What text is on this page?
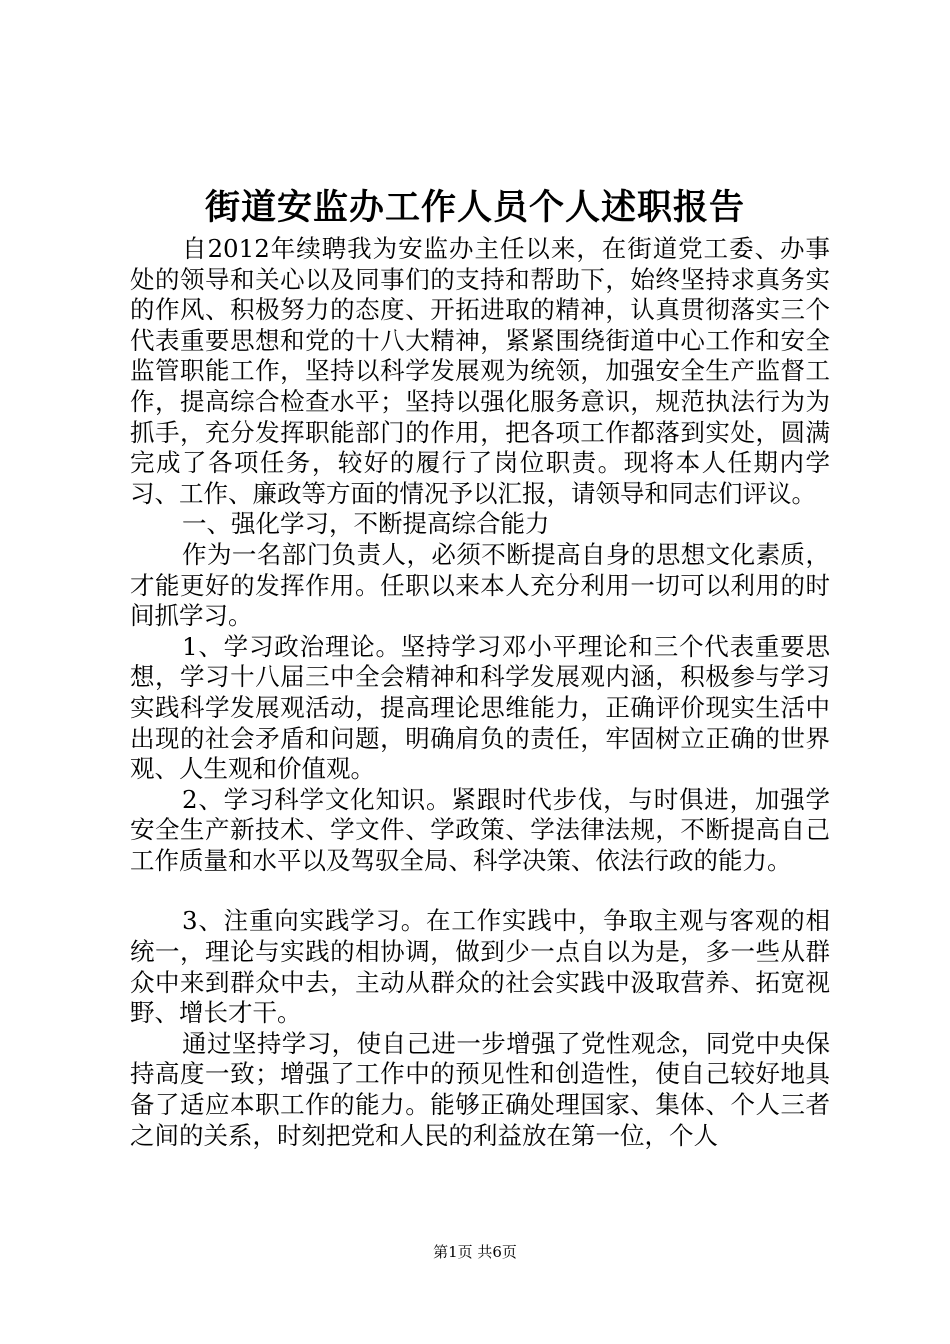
街道安监办工作人员个人述职报告

自2012年续聘我为安监办主任以来，在街道党工委、办事处的领导和关心以及同事们的支持和帮助下，始终坚持求真务实的作风、积极努力的态度、开拓进取的精神，认真贯彻落实三个代表重要思想和党的十八大精神，紧紧围绕街道中心工作和安全监管职能工作，坚持以科学发展观为统领，加强安全生产监督工作，提高综合检查水平；坚持以强化服务意识，规范执法行为为抓手，充分发挥职能部门的作用，把各项工作都落到实处，圆满完成了各项任务，较好的履行了岗位职责。现将本人任期内学习、工作、廉政等方面的情况予以汇报，请领导和同志们评议。

一、强化学习，不断提高综合能力

作为一名部门负责人，必须不断提高自身的思想文化素质，才能更好的发挥作用。任职以来本人充分利用一切可以利用的时间抓学习。

1、学习政治理论。坚持学习邓小平理论和三个代表重要思想，学习十八届三中全会精神和科学发展观内涵，积极参与学习实践科学发展观活动，提高理论思维能力，正确评价现实生活中出现的社会矛盾和问题，明确肩负的责任，牢固树立正确的世界观、人生观和价值观。

2、学习科学文化知识。紧跟时代步伐，与时俱进，加强学安全生产新技术、学文件、学政策、学法律法规，不断提高自己工作质量和水平以及驾驭全局、科学决策、依法行政的能力。

3、注重向实践学习。在工作实践中，争取主观与客观的相统一，理论与实践的相协调，做到少一点自以为是，多一些从群众中来到群众中去，主动从群众的社会实践中汲取营养、拓宽视野、增长才干。

通过坚持学习，使自己进一步增强了党性观念，同党中央保持高度一致；增强了工作中的预见性和创造性，使自己较好地具备了适应本职工作的能力。能够正确处理国家、集体、个人三者之间的关系，时刻把党和人民的利益放在第一位，个人

第1页 共6页
